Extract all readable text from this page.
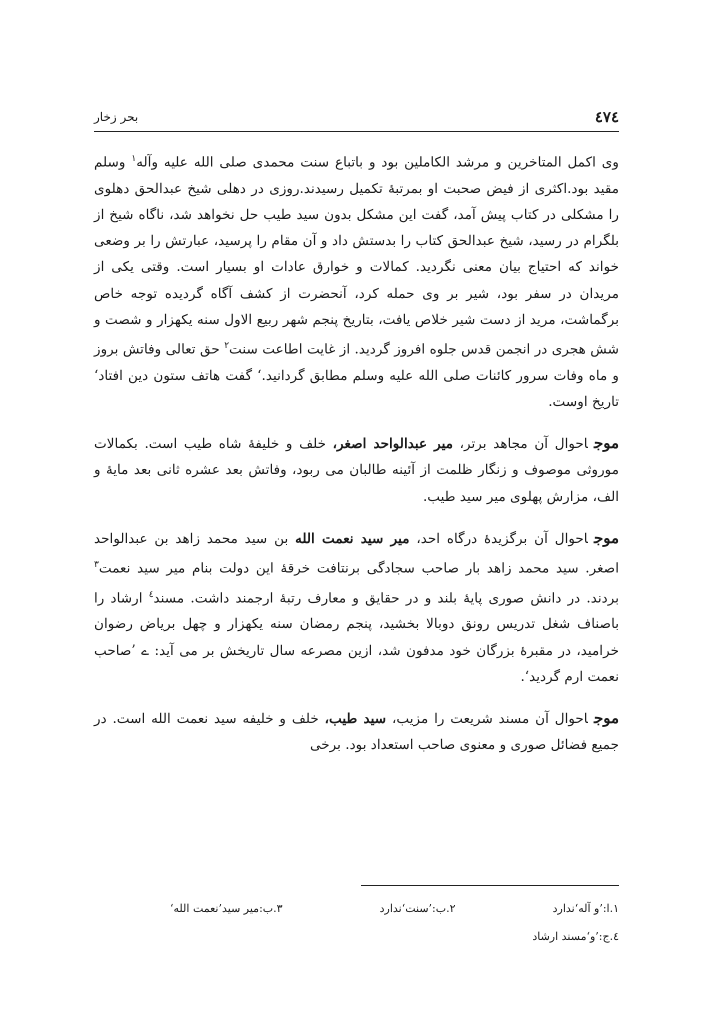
٤٧٤
بحر زخار

وی اکمل المتاخرین و مرشد الکاملین بود و باتباع سنت محمدی صلی الله علیه وآله$^١$ وسلم مقید بود.اکثری از فیض صحبت او بمرتبۀ تکمیل رسیدند.روزی در دهلی شیخ عبدالحق دهلوی را مشکلی در کتاب پیش آمد، گفت این مشکل بدون سید طیب حل نخواهد شد، ناگاه شیخ از بلگرام در رسید، شیخ عبدالحق کتاب را بدستش داد و آن مقام را پرسید، عبارتش را بر وضعی خواند که احتیاج بیان معنی نگردید. کمالات و خوارق عادات او بسیار است. وقتی یکی از مریدان در سفر بود، شیر بر وی حمله کرد، آنحضرت از کشف آگاه گردیده توجه خاص برگماشت، مرید از دست شیر خلاص یافت، بتاریخ پنجم شهر ربیع الاول سنه یکهزار و شصت و شش هجری در انجمن قدس جلوه افروز گردید. از غایت اطاعت سنت$^٢$ حق تعالی وفاتش بروز و ماه وفات سرور کائنات صلی الله علیه وسلم مطابق گردانید.‘ گفت هاتف ستون دین افتاد‘ تاریخ اوست.

موجاحوال آن مجاهد برتر، میر عبدالواحد اصغر، خلف و خلیفۀ شاه طیب است. بکمالات موروثی موصوف و زنگار ظلمت از آئینه طالبان می ربود، وفاتش بعد عشره ثانی بعد مایۀ و الف، مزارش پهلوی میر سید طیب.

موجاحوال آن برگزیدۀ درگاه احد، میر سید نعمت الله بن سید محمد زاهد بن عبدالواحد اصغر. سید محمد زاهد بار صاحب سجادگی برنتافت خرقۀ این دولت بنام میر سید نعمت$^٣$ بردند. در دانش صوری پایۀ بلند و در حقایق و معارف رتبۀ ارجمند داشت. مسند$^٤$ ارشاد را باصناف شغل تدریس رونق دوبالا بخشید، پنجم رمضان سنه یکهزار و چهل برياض رضوان خرامید، در مقبرۀ بزرگان خود مدفون شد، ازین مصرعه سال تاریخش بر می آید: ے ’صاحب نعمت ارم گردید‘.

موجاحوال آن مسند شریعت را مزیب، سید طیب، خلف و خلیفه سید نعمت الله است. در جمیع فضائل صوری و معنوی صاحب استعداد بود. برخی

١.ا:’و آله‘ندارد
٢.ب:’سنت‘ندارد
٣.ب:میر سید’نعمت الله‘
٤.ج:’و‘مسند ارشاد
